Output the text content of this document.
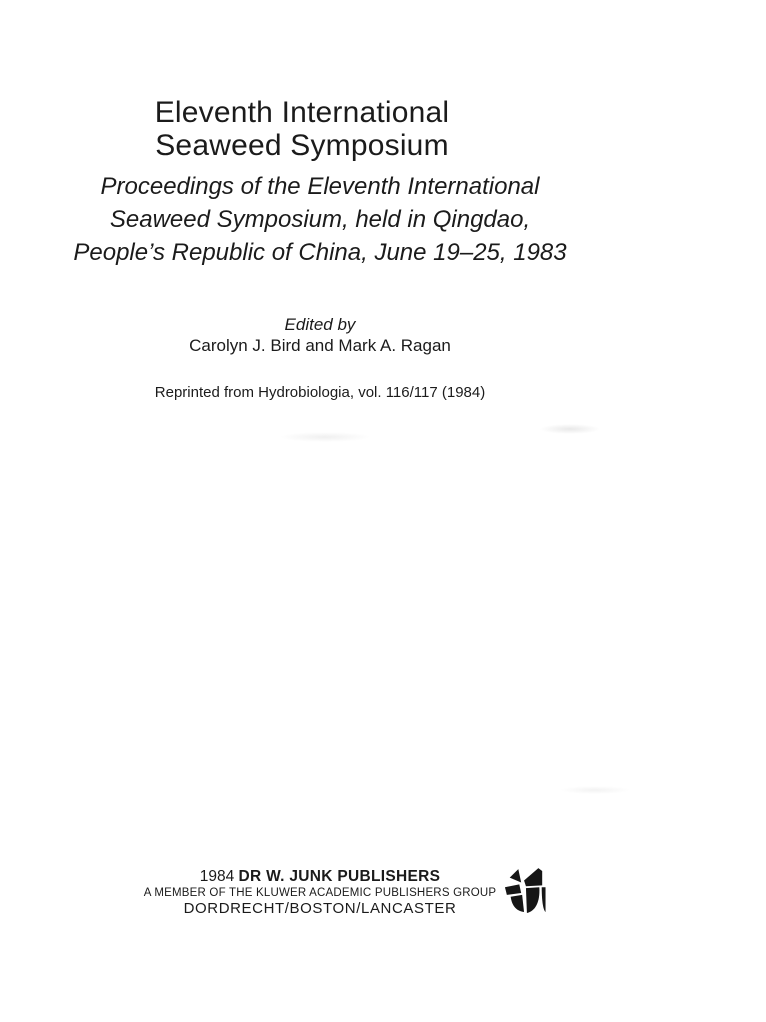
Eleventh International
Seaweed Symposium
Proceedings of the Eleventh International
Seaweed Symposium, held in Qingdao,
People’s Republic of China, June 19–25, 1983
Edited by
Carolyn J. Bird and Mark A. Ragan
Reprinted from Hydrobiologia, vol. 116/117 (1984)
1984 DR W. JUNK PUBLISHERS
A MEMBER OF THE KLUWER ACADEMIC PUBLISHERS GROUP
DORDRECHT/BOSTON/LANCASTER
